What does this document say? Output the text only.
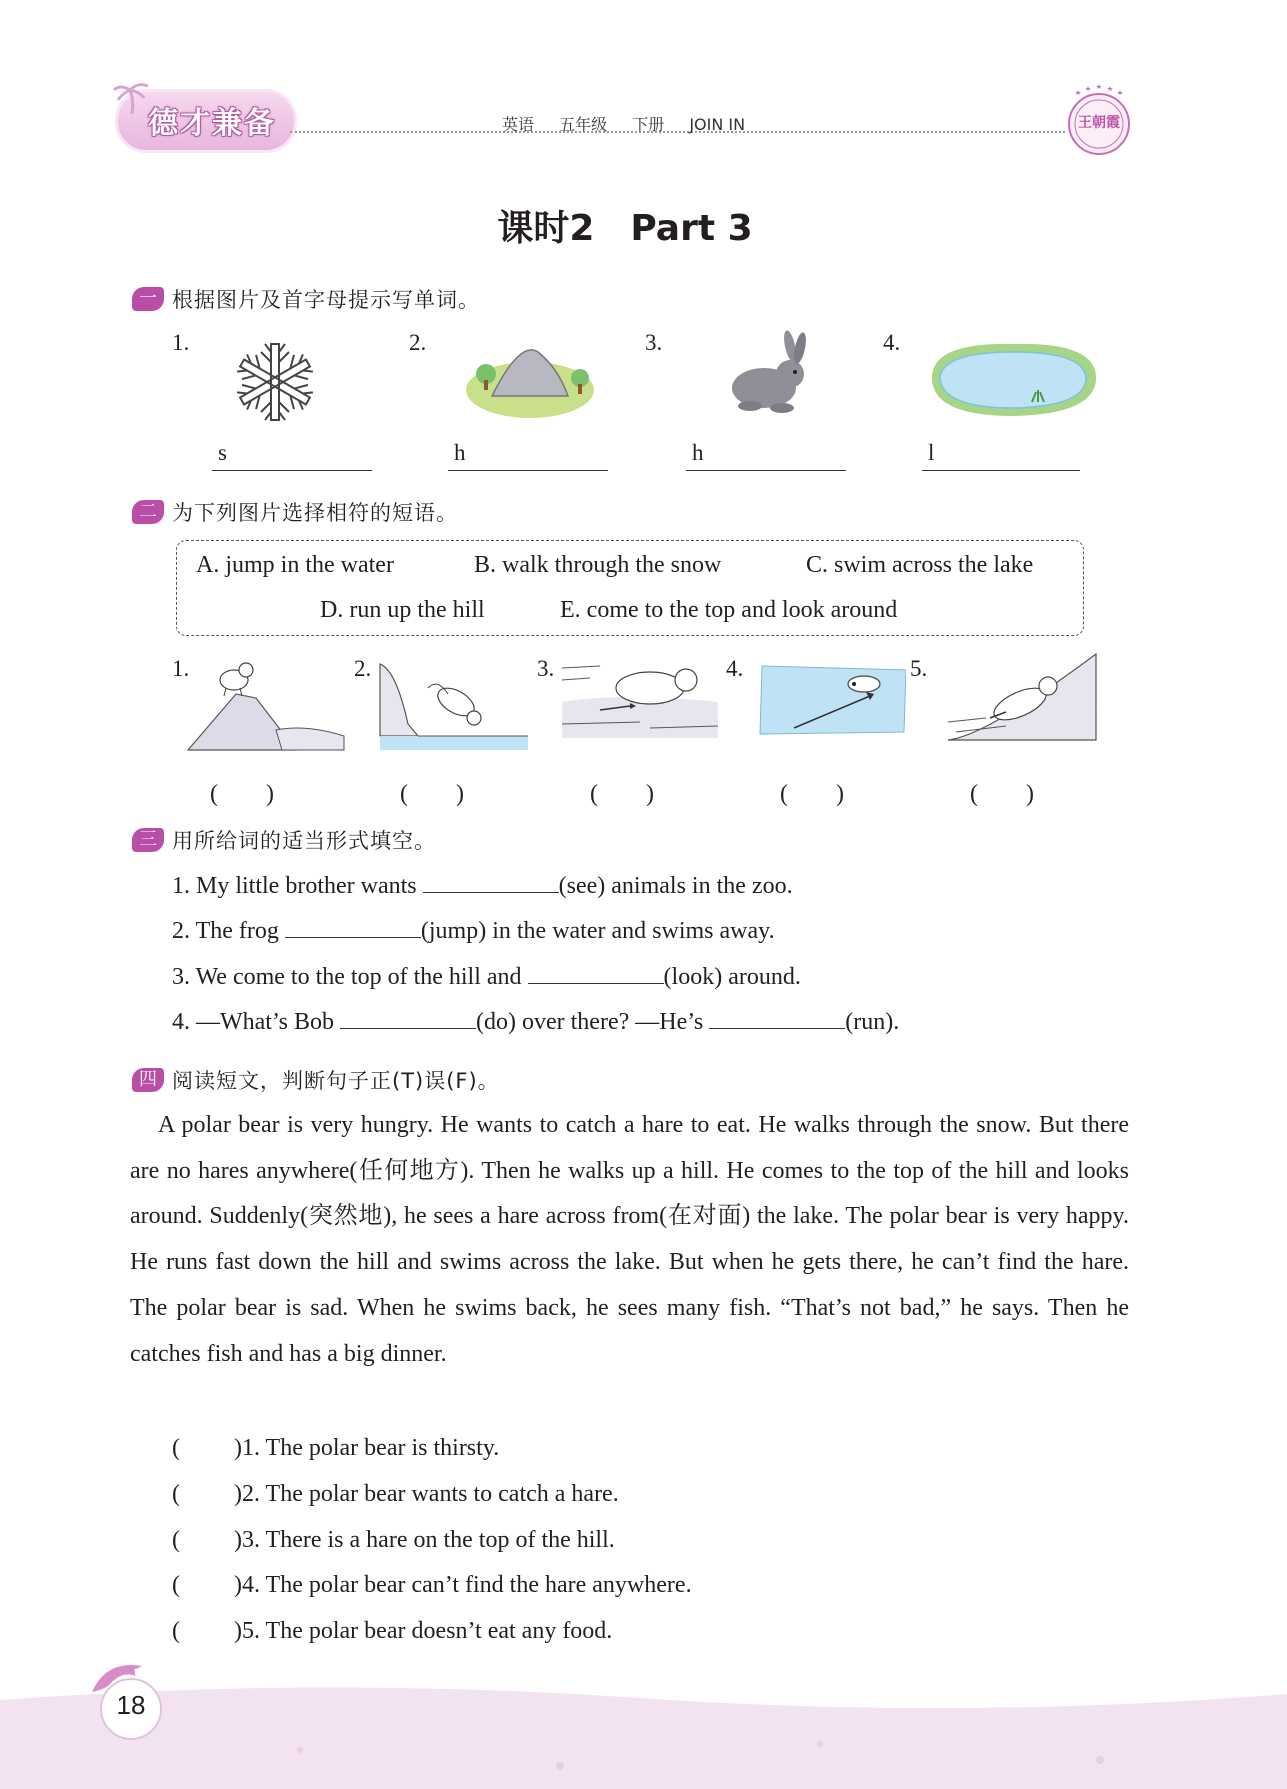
德才兼备	英语 五年级 下册 JOIN IN	王朝霞
课时2　Part 3
一 根据图片及首字母提示写单词。
1.	2.	3.	4.
s	h	h	l
二 为下列图片选择相符的短语。
A. jump in the water	B. walk through the snow	C. swim across the lake
D. run up the hill	E. come to the top and look around
1.	2.	3.	4.	5.
(　　)	(　　)	(　　)	(　　)	(　　)
三 用所给词的适当形式填空。
1. My little brother wants	(see) animals in the zoo.
2. The frog	(jump) in the water and swims away.
3. We come to the top of the hill and	(look) around.
4. —What’s Bob	(do) over there? —He’s	(run).
四 阅读短文，判断句子正(T)误(F)。
A polar bear is very hungry. He wants to catch a hare to eat. He walks through the snow. But there are no hares anywhere(任何地方). Then he walks up a hill. He comes to the top of the hill and looks around. Suddenly(突然地), he sees a hare across from(在对面) the lake. The polar bear is very happy. He runs fast down the hill and swims across the lake. But when he gets there, he can’t find the hare. The polar bear is sad. When he swims back, he sees many fish. “That’s not bad,” he says. Then he catches fish and has a big dinner.
(　　 )1. The polar bear is thirsty.
(　　 )2. The polar bear wants to catch a hare.
(　　 )3. There is a hare on the top of the hill.
(　　 )4. The polar bear can’t find the hare anywhere.
(　　 )5. The polar bear doesn’t eat any food.
18
